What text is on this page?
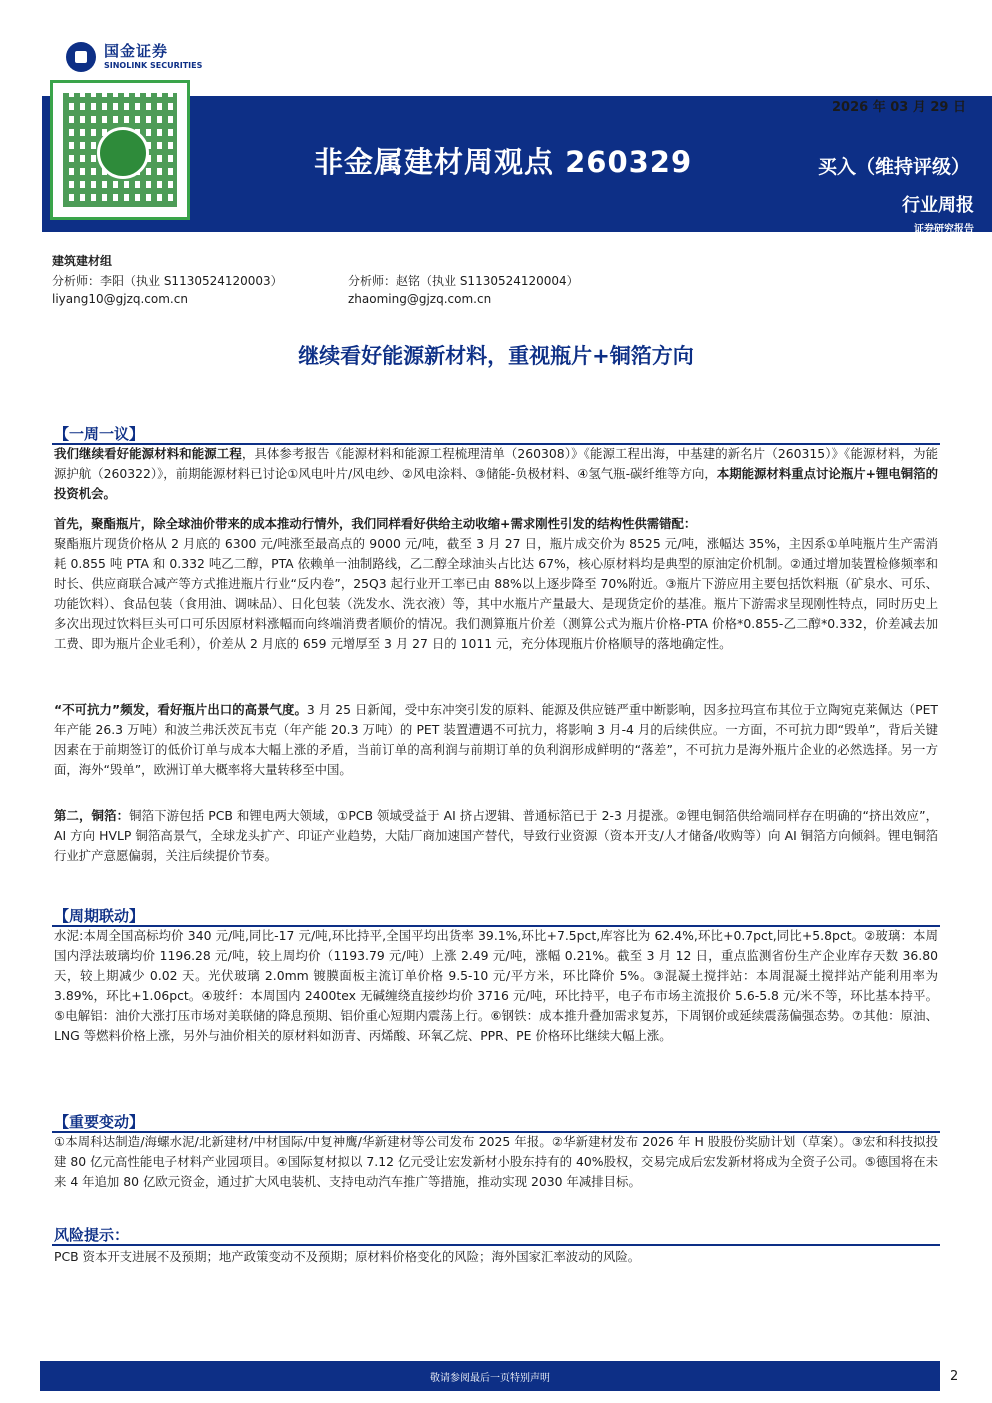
2026 年 03 月 29 日
非金属建材周观点 260329	买入（维持评级）
行业周报
证券研究报告
国金证券
SINOLINK SECURITIES
建筑建材组
分析师：李阳（执业 S1130524120003）
liyang10@gjzq.com.cn
分析师：赵铭（执业 S1130524120004）
zhaoming@gjzq.com.cn
继续看好能源新材料，重视瓶片+铜箔方向
【一周一议】
我们继续看好能源材料和能源工程，具体参考报告《能源材料和能源工程梳理清单（260308）》《能源工程出海，中基建的新名片（260315）》《能源材料，为能源护航（260322）》，前期能源材料已讨论①风电叶片/风电纱、②风电涂料、③储能-负极材料、④氢气瓶-碳纤维等方向，本期能源材料重点讨论瓶片+锂电铜箔的投资机会。
首先，聚酯瓶片，除全球油价带来的成本推动行情外，我们同样看好供给主动收缩+需求刚性引发的结构性供需错配：
聚酯瓶片现货价格从 2 月底的 6300 元/吨涨至最高点的 9000 元/吨，截至 3 月 27 日，瓶片成交价为 8525 元/吨，涨幅达 35%，主因系①单吨瓶片生产需消耗 0.855 吨 PTA 和 0.332 吨乙二醇，PTA 依赖单一油制路线，乙二醇全球油头占比达 67%，核心原材料均是典型的原油定价机制。②通过增加装置检修频率和时长、供应商联合减产等方式推进瓶片行业“反内卷”，25Q3 起行业开工率已由 88%以上逐步降至 70%附近。③瓶片下游应用主要包括饮料瓶（矿泉水、可乐、功能饮料）、食品包装（食用油、调味品）、日化包装（洗发水、洗衣液）等，其中水瓶片产量最大、是现货定价的基准。瓶片下游需求呈现刚性特点，同时历史上多次出现过饮料巨头可口可乐因原材料涨幅而向终端消费者顺价的情况。我们测算瓶片价差（测算公式为瓶片价格-PTA 价格*0.855-乙二醇*0.332，价差减去加工费、即为瓶片企业毛利），价差从 2 月底的 659 元增厚至 3 月 27 日的 1011 元，充分体现瓶片价格顺导的落地确定性。
“不可抗力”频发，看好瓶片出口的高景气度。3 月 25 日新闻，受中东冲突引发的原料、能源及供应链严重中断影响，因多拉玛宣布其位于立陶宛克莱佩达（PET 年产能 26.3 万吨）和波兰弗沃茨瓦韦克（年产能 20.3 万吨）的 PET 装置遭遇不可抗力，将影响 3 月-4 月的后续供应。一方面，不可抗力即“毁单”，背后关键因素在于前期签订的低价订单与成本大幅上涨的矛盾，当前订单的高利润与前期订单的负利润形成鲜明的“落差”，不可抗力是海外瓶片企业的必然选择。另一方面，海外“毁单”，欧洲订单大概率将大量转移至中国。
第二，铜箔：铜箔下游包括 PCB 和锂电两大领域，①PCB 领域受益于 AI 挤占逻辑、普通标箔已于 2-3 月提涨。②锂电铜箔供给端同样存在明确的“挤出效应”，AI 方向 HVLP 铜箔高景气，全球龙头扩产、印证产业趋势，大陆厂商加速国产替代，导致行业资源（资本开支/人才储备/收购等）向 AI 铜箔方向倾斜。锂电铜箔行业扩产意愿偏弱，关注后续提价节奏。
【周期联动】
水泥:本周全国高标均价 340 元/吨,同比-17 元/吨,环比持平,全国平均出货率 39.1%,环比+7.5pct,库容比为 62.4%,环比+0.7pct,同比+5.8pct。②玻璃：本周国内浮法玻璃均价 1196.28 元/吨，较上周均价（1193.79 元/吨）上涨 2.49 元/吨，涨幅 0.21%。截至 3 月 12 日，重点监测省份生产企业库存天数 36.80 天，较上期减少 0.02 天。光伏玻璃 2.0mm 镀膜面板主流订单价格 9.5-10 元/平方米，环比降价 5%。③混凝土搅拌站：本周混凝土搅拌站产能利用率为 3.89%，环比+1.06pct。④玻纤：本周国内 2400tex 无碱缠绕直接纱均价 3716 元/吨，环比持平，电子布市场主流报价 5.6-5.8 元/米不等，环比基本持平。⑤电解铝：油价大涨打压市场对美联储的降息预期、铝价重心短期内震荡上行。⑥钢铁：成本推升叠加需求复苏，下周钢价或延续震荡偏强态势。⑦其他：原油、LNG 等燃料价格上涨，另外与油价相关的原材料如沥青、丙烯酸、环氧乙烷、PPR、PE 价格环比继续大幅上涨。
【重要变动】
①本周科达制造/海螺水泥/北新建材/中材国际/中复神鹰/华新建材等公司发布 2025 年报。②华新建材发布 2026 年 H 股股份奖励计划（草案）。③宏和科技拟投建 80 亿元高性能电子材料产业园项目。④国际复材拟以 7.12 亿元受让宏发新材小股东持有的 40%股权，交易完成后宏发新材将成为全资子公司。⑤德国将在未来 4 年追加 80 亿欧元资金，通过扩大风电装机、支持电动汽车推广等措施，推动实现 2030 年减排目标。
风险提示：
PCB 资本开支进展不及预期；地产政策变动不及预期；原材料价格变化的风险；海外国家汇率波动的风险。
敬请参阅最后一页特别声明	2
